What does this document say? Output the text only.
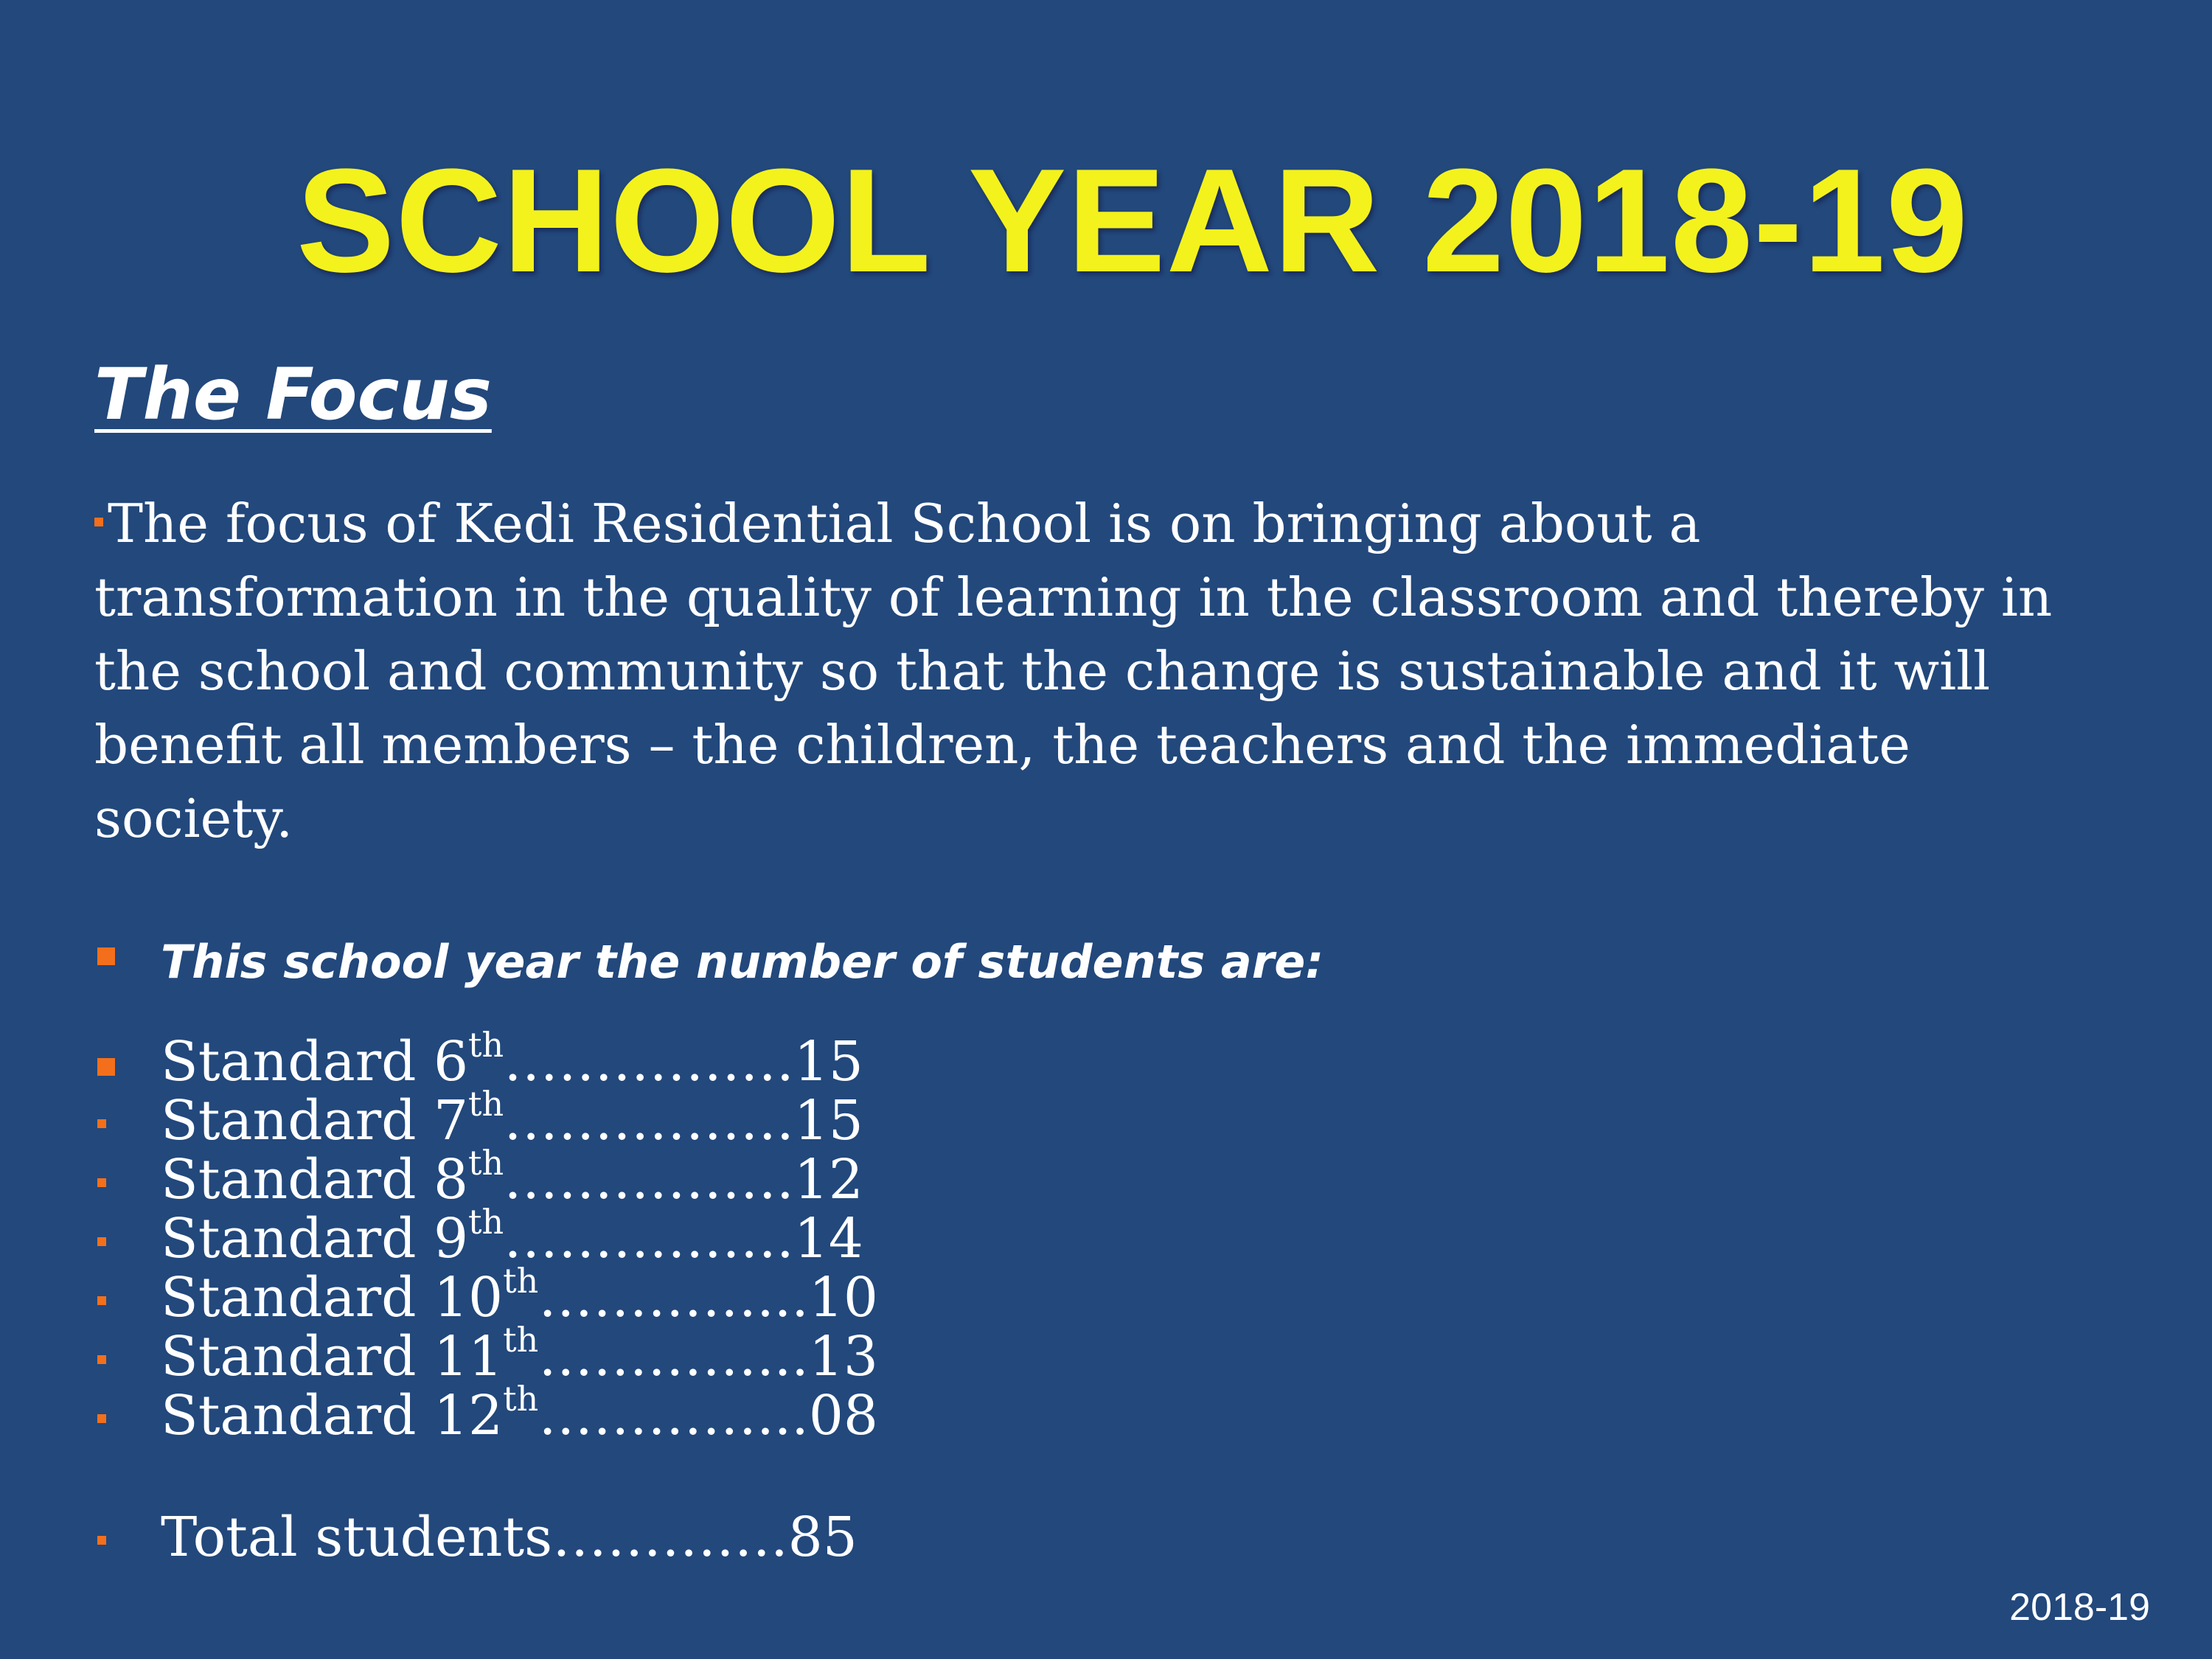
SCHOOL YEAR 2018-19
The Focus

The focus of Kedi Residential School is on bringing about a transformation in the quality of learning in the classroom and thereby in the school and community so that the change is sustainable and it will benefit all members – the children, the teachers and the immediate society.

This school year the number of students are:
Standard 6th…………….15
Standard 7th…………….15
Standard 8th…………….12
Standard 9th…………….14
Standard 10th…………...10
Standard 11th…………...13
Standard 12th…………...08
Total students………….85

2018-19
